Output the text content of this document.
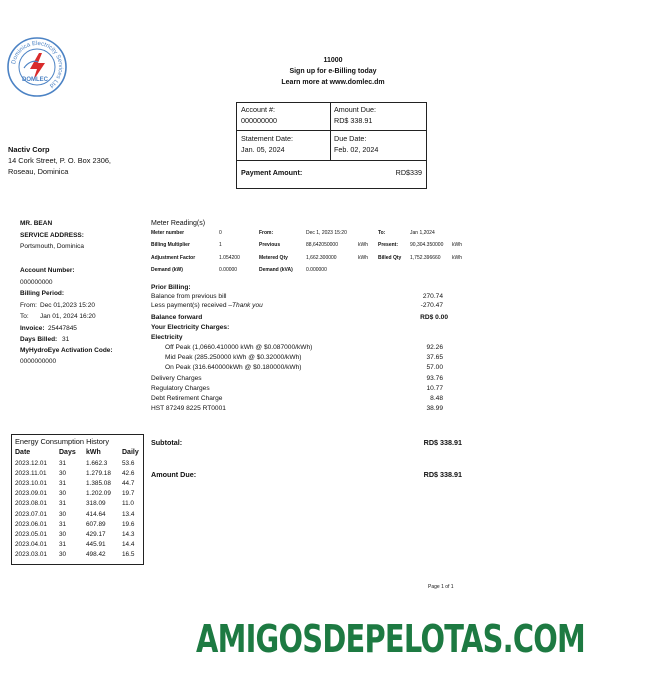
Dominica Electricity Services Ltd
DOMLEC
11000
Sign up for e-Billing today
Learn more at www.domlec.dm
Account #:
000000000
Amount Due:
RD$ 338.91
Statement Date:
Jan. 05, 2024
Due Date:
Feb. 02, 2024
Payment Amount:	RD$339
Nactiv Corp
14 Cork Street, P. O. Box 2306,
Roseau, Dominica
MR. BEAN
SERVICE ADDRESS:
Portsmouth, Dominica
Account Number:
000000000
Billing Period:
From: Dec 01,2023 15:20
To: Jan 01, 2024 16:20
Invoice: 25447845
Days Billed: 31
MyHydroEye Activation Code:
0000000000
Meter Reading(s)
Meter number	0	From:	Dec 1, 2023 15:20	To:	Jan 1,2024
Billing Multiplier	1	Previous	88,642050000	kWh Present: 90,304.350000 kWh
Adjustment Factor	1.054200	Metered Qty	1,662.300000	kWh Billed Qty 1,752.396660 kWh
Demand (kW)	0.00000	Demand (kVA)	0.000000
Prior Billing:
Balance from previous bill	270.74
Less payment(s) received –Thank you	-270.47
Balance forward	RD$ 0.00
Your Electricity Charges:
Electricity
Off Peak (1,0660.410000 kWh @ $0.087000/kWh)	92.26
Mid Peak (285.250000 kWh @ $0.32000/kWh)	37.65
On Peak (316.640000kWh @ $0.180000/kWh)	57.00
Delivery Charges	93.76
Regulatory Charges	10.77
Debt Retirement Charge	8.48
HST 87249 8225 RT0001	38.99
Subtotal:	RD$ 338.91
Amount Due:	RD$ 338.91
Energy Consumption History
Date	Days kWh	Daily
2023.12.01 31	1.662.3 53.6
2023.11.01 30	1.279.18 42.6
2023.10.01 31	1.385.08 44.7
2023.09.01 30	1.202.09 19.7
2023.08.01 31	318.09	11.0
2023.07.01 30	414.64	13.4
2023.06.01 31	607.89	19.6
2023.05.01 30	429.17	14.3
2023.04.01 31	445.91	14.4
2023.03.01 30	498.42	16.5
Page 1 of 1
AMIGOSDEPELOTAS.COM
